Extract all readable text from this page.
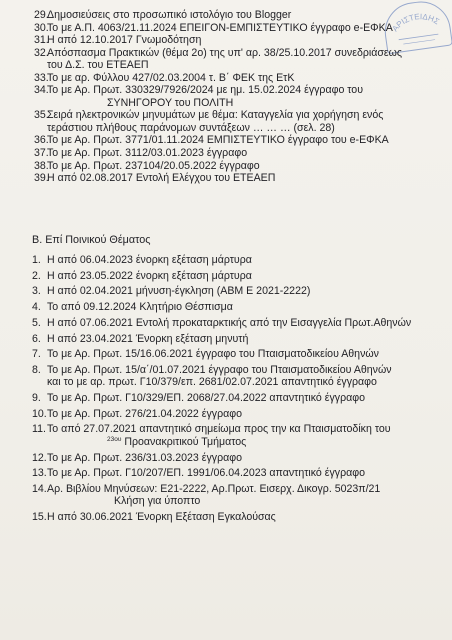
ΑΡΙΣΤΕΙΔΗΣ
29.
Δημοσιεύσεις στο προσωπικό ιστολόγιο του Blogger
30.
Το με Α.Π. 4063/21.11.2024 ΕΠΕΙΓΟΝ-ΕΜΠΙΣΤΕΥΤΙΚΟ έγγραφο e-ΕΦΚΑ
31.
Η από 12.10.2017 Γνωμοδότηση
32.
Απόσπασμα Πρακτικών (θέμα 2ο) της υπ' αρ. 38/25.10.2017 συνεδριάσεως
του Δ.Σ. του ΕΤΕΑΕΠ
33.
Το με αρ. Φύλλου 427/02.03.2004 τ. Β΄ ΦΕΚ της ΕτΚ
34.
Το με Αρ. Πρωτ. 330329/7926/2024 με ημ. 15.02.2024 έγγραφο του
ΣΥΝΗΓΟΡΟΥ του ΠΟΛΙΤΗ
35.
Σειρά ηλεκτρονικών μηνυμάτων με θέμα: Καταγγελία για χορήγηση ενός
τεράστιου πλήθους παράνομων συντάξεων … … … (σελ. 28)
36.
Το με Αρ. Πρωτ. 3771/01.11.2024 ΕΜΠΙΣΤΕΥΤΙΚΟ έγγραφο του e-ΕΦΚΑ
37.
Το με Αρ. Πρωτ. 3112/03.01.2023 έγγραφο
38.
Το με Αρ. Πρωτ. 237104/20.05.2022 έγγραφο
39.
Η από 02.08.2017 Εντολή Ελέγχου του ΕΤΕΑΕΠ
Β. Επί Ποινικού Θέματος
1. Η από 06.04.2023 ένορκη εξέταση μάρτυρα
2. Η από 23.05.2022 ένορκη εξέταση μάρτυρα
3. Η από 02.04.2021 μήνυση-έγκληση (ΑΒΜ Ε 2021-2222)
4. Το από 09.12.2024 Κλητήριο Θέσπισμα
5. Η από 07.06.2021 Εντολή προκαταρκτικής από την Εισαγγελία Πρωτ.Αθηνών
6. Η από 23.04.2021 Ένορκη εξέταση μηνυτή
7. Το με Αρ. Πρωτ. 15/16.06.2021 έγγραφο του Πταισματοδικείου Αθηνών
8. Το με Αρ. Πρωτ. 15/α΄/01.07.2021 έγγραφο του Πταισματοδικείου Αθηνών
και το με αρ. πρωτ. Γ10/379/επ. 2681/02.07.2021 απαντητικό έγγραφο
9. Το με Αρ. Πρωτ. Γ10/329/ΕΠ. 2068/27.04.2022 απαντητικό έγγραφο
10. Το με Αρ. Πρωτ. 276/21.04.2022 έγγραφο
11. Το από 27.07.2021 απαντητικό σημείωμα προς την κα Πταισματοδίκη του
$^{23o\upsilon}$ Προανακριτικού Τμήματος
12. Το με Αρ. Πρωτ. 236/31.03.2023 έγγραφο
13. Το με Αρ. Πρωτ. Γ10/207/ΕΠ. 1991/06.04.2023 απαντητικό έγγραφο
14. Αρ. Βιβλίου Μηνύσεων: Ε21-2222, Αρ.Πρωτ. Εισερχ. Δικογρ. 5023π/21
Κλήση για ύποπτο
15. Η από 30.06.2021 Ένορκη Εξέταση Εγκαλούσας
